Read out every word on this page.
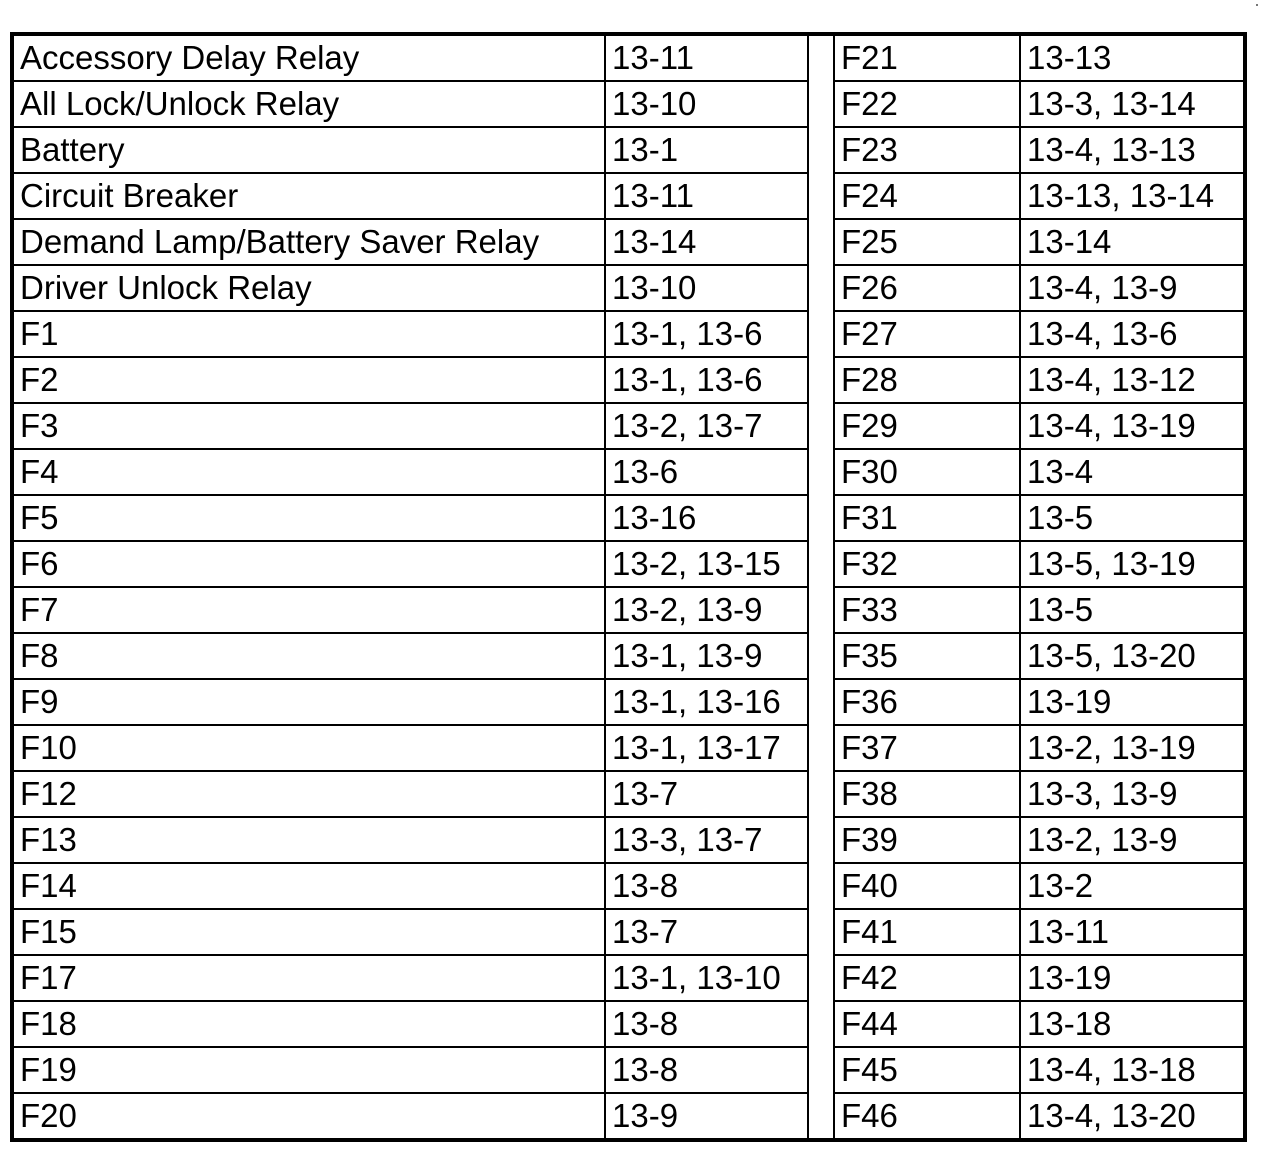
Accessory Delay Relay	13-11		F21	13-13
All Lock/Unlock Relay	13-10		F22	13-3, 13-14
Battery	13-1		F23	13-4, 13-13
Circuit Breaker	13-11		F24	13-13, 13-14
Demand Lamp/Battery Saver Relay	13-14		F25	13-14
Driver Unlock Relay	13-10		F26	13-4, 13-9
F1	13-1, 13-6		F27	13-4, 13-6
F2	13-1, 13-6		F28	13-4, 13-12
F3	13-2, 13-7		F29	13-4, 13-19
F4	13-6		F30	13-4
F5	13-16		F31	13-5
F6	13-2, 13-15		F32	13-5, 13-19
F7	13-2, 13-9		F33	13-5
F8	13-1, 13-9		F35	13-5, 13-20
F9	13-1, 13-16		F36	13-19
F10	13-1, 13-17		F37	13-2, 13-19
F12	13-7		F38	13-3, 13-9
F13	13-3, 13-7		F39	13-2, 13-9
F14	13-8		F40	13-2
F15	13-7		F41	13-11
F17	13-1, 13-10		F42	13-19
F18	13-8		F44	13-18
F19	13-8		F45	13-4, 13-18
F20	13-9		F46	13-4, 13-20
